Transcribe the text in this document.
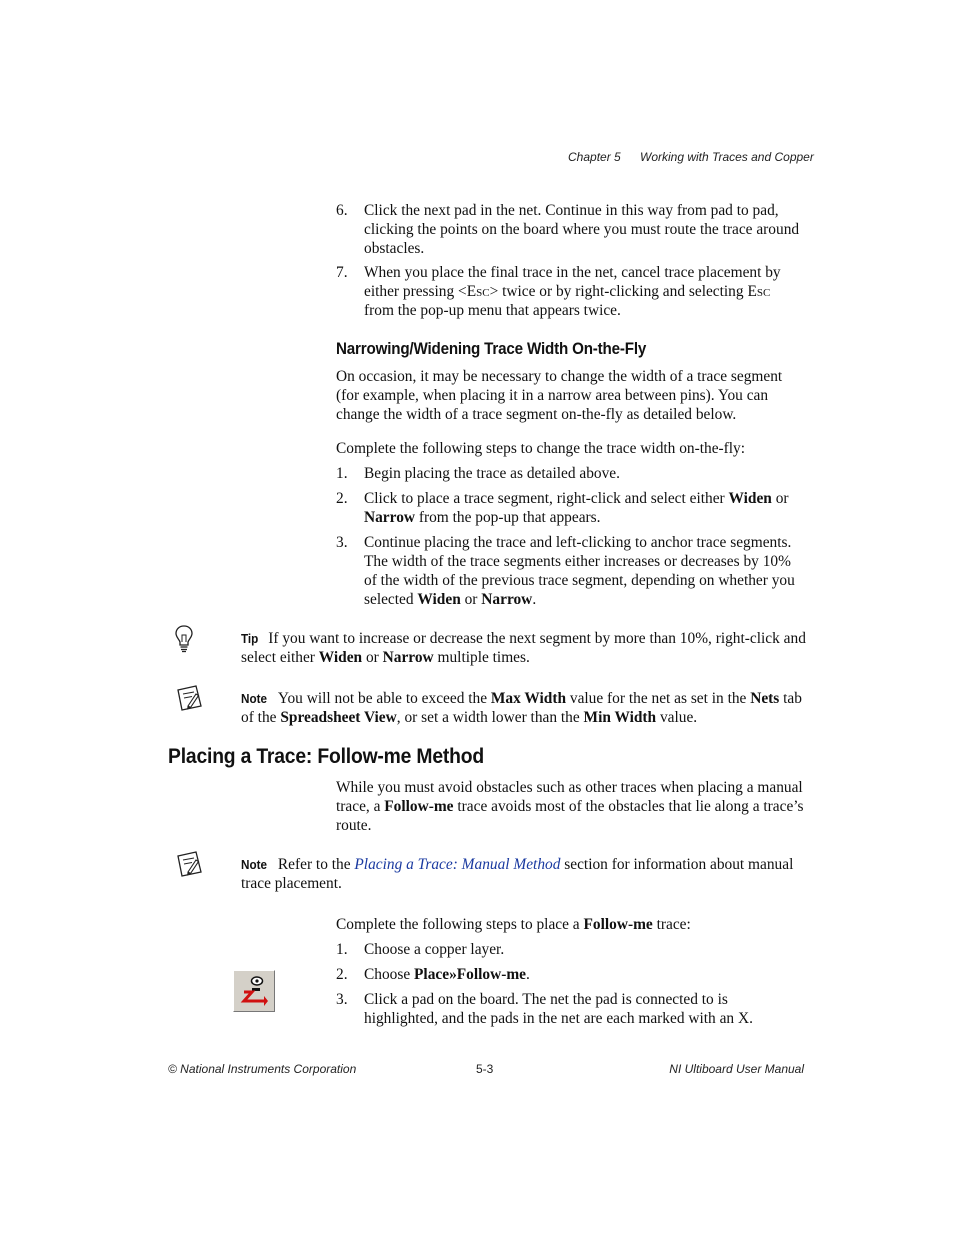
Chapter 5 Working with Traces and Copper
6.	Click the next pad in the net. Continue in this way from pad to pad, clicking the points on the board where you must route the trace around obstacles.
7.	When you place the final trace in the net, cancel trace placement by either pressing <Esc> twice or by right-clicking and selecting Esc from the pop-up menu that appears twice.
Narrowing/Widening Trace Width On-the-Fly
On occasion, it may be necessary to change the width of a trace segment (for example, when placing it in a narrow area between pins). You can change the width of a trace segment on-the-fly as detailed below.
Complete the following steps to change the trace width on-the-fly:
1.	Begin placing the trace as detailed above.
2.	Click to place a trace segment, right-click and select either Widen or Narrow from the pop-up that appears.
3.	Continue placing the trace and left-clicking to anchor trace segments. The width of the trace segments either increases or decreases by 10% of the width of the previous trace segment, depending on whether you selected Widen or Narrow.
Tip If you want to increase or decrease the next segment by more than 10%, right-click and select either Widen or Narrow multiple times.
Note You will not be able to exceed the Max Width value for the net as set in the Nets tab of the Spreadsheet View, or set a width lower than the Min Width value.
Placing a Trace: Follow-me Method
While you must avoid obstacles such as other traces when placing a manual trace, a Follow-me trace avoids most of the obstacles that lie along a trace’s route.
Note Refer to the Placing a Trace: Manual Method section for information about manual trace placement.
Complete the following steps to place a Follow-me trace:
1.	Choose a copper layer.
2.	Choose Place»Follow-me.
3.	Click a pad on the board. The net the pad is connected to is highlighted, and the pads in the net are each marked with an X.
© National Instruments Corporation	5-3	NI Ultiboard User Manual
